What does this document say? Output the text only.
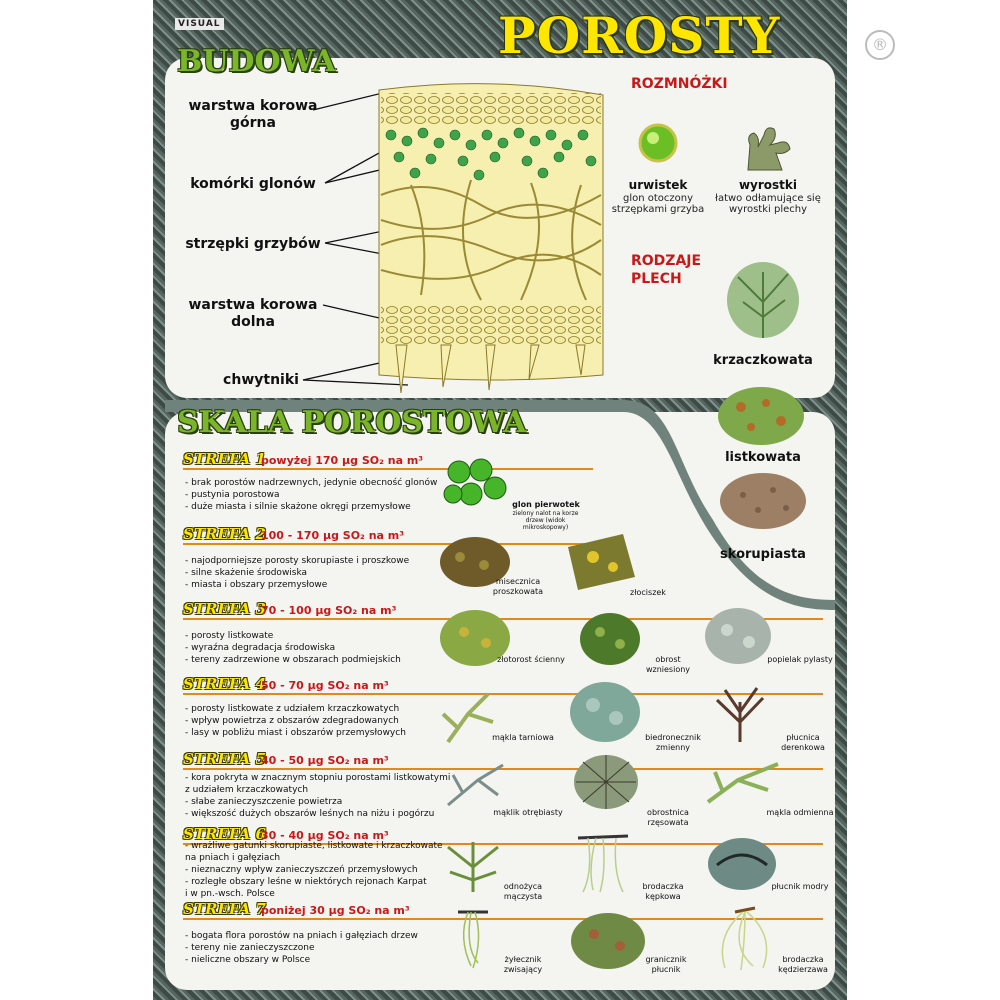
VISUAL	POROSTY
BUDOWA
warstwa korowa górna
komórki glonów
strzępki grzybów
warstwa korowa dolna
chwytniki
ROZMNÓŻKI
urwistek
glon otoczony strzępkami grzyba
wyrostki
łatwo odłamujące się wyrostki plechy
RODZAJE PLECH
krzaczkowata
listkowata
skorupiasta
SKALA POROSTOWA
STREFA 1
powyżej 170 µg SO₂ na m³
- brak porostów nadrzewnych, jedynie obecność glonów
- pustynia porostowa
- duże miasta i silnie skażone okręgi przemysłowe	glon pierwotek
zielony nalot na korze drzew (widok mikroskopowy)
STREFA 2
100 - 170 µg SO₂ na m³
- najodporniejsze porosty skorupiaste i proszkowe
- silne skażenie środowiska
- miasta i obszary przemysłowe	misecznica proszkowata	złociszek
STREFA 3
70 - 100 µg SO₂ na m³
- porosty listkowate
- wyraźna degradacja środowiska
- tereny zadrzewione w obszarach podmiejskich	złotorost ścienny	obrost wzniesiony
popielak pylasty
STREFA 4
50 - 70 µg SO₂ na m³
- porosty listkowate z udziałem krzaczkowatych
- wpływ powietrza z obszarów zdegradowanych
- lasy w pobliżu miast i obszarów przemysłowych	mąkla tarniowa	biedronecznik zmienny
płucnica derenkowa
STREFA 5
40 - 50 µg SO₂ na m³
- kora pokryta w znacznym stopniu porostami listkowatymi
z udziałem krzaczkowatych
- słabe zanieczyszczenie powietrza
- większość dużych obszarów leśnych na niżu i pogórzu	mąklik otrębiasty	obrostnica rzęsowata
mąkla odmienna
STREFA 6
30 - 40 µg SO₂ na m³
- wrażliwe gatunki skorupiaste, listkowate i krzaczkowate
na pniach i gałęziach
- nieznaczny wpływ zanieczyszczeń przemysłowych
- rozległe obszary leśne w niektórych rejonach Karpat
i w pn.-wsch. Polsce
odnożyca mączysta
brodaczka kępkowa
płucnik modry
STREFA 7
poniżej 30 µg SO₂ na m³
- bogata flora porostów na pniach i gałęziach drzew
- tereny nie zanieczyszczone
- nieliczne obszary w Polsce	żyłecznik zwisający
granicznik płucnik
brodaczka kędzierzawa
®
